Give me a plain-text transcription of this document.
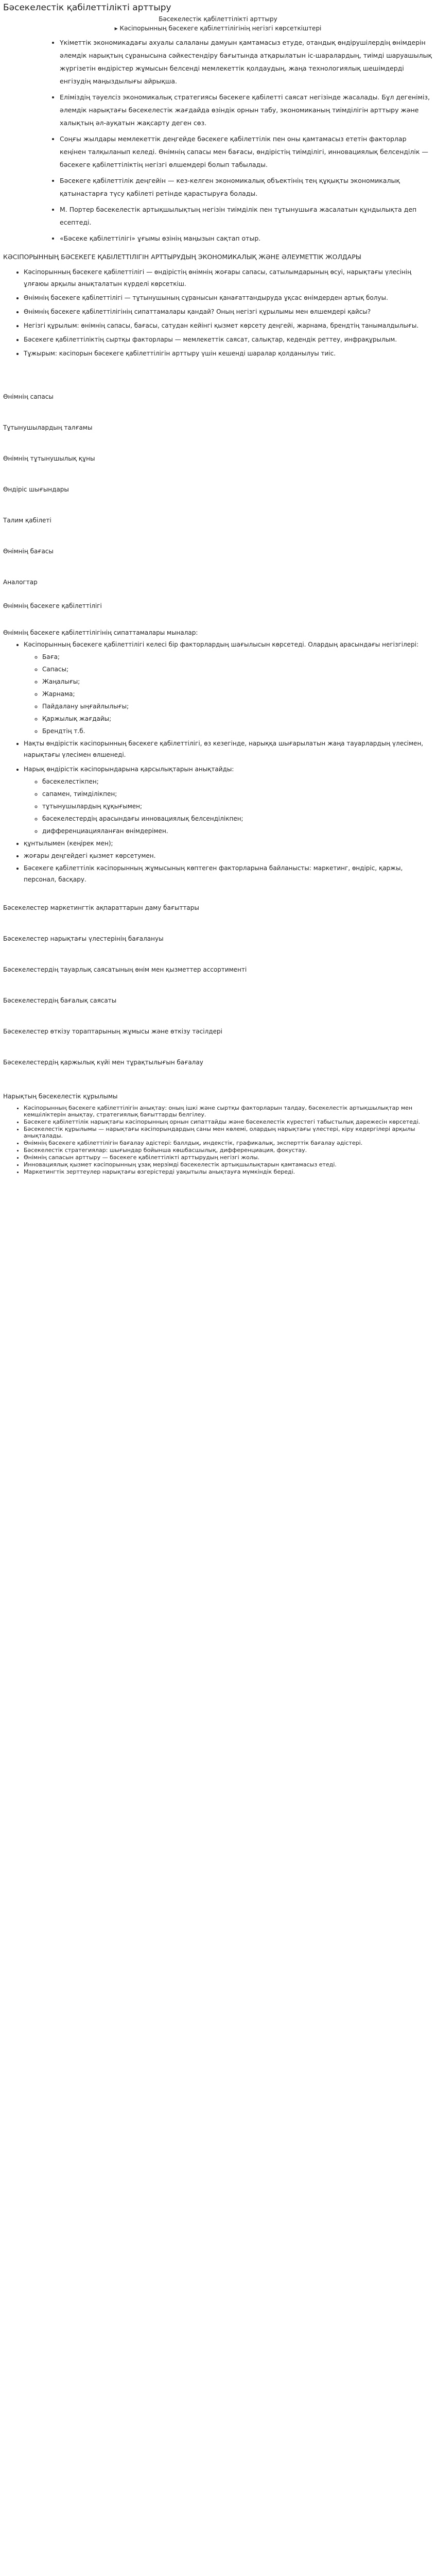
Бәсекелестік қабілеттілікті арттыру
Бәсекелестік қабілеттілікті арттыру
▸ Кәсіпорынның бәсекеге қабілеттілігінің негізгі көрсеткіштері
• Үкіметтік экономикадағы ахуалы салаланы дамуын қамтамасыз етуде, отандық өндірушілердің өнімдерін әлемдік нарықтың сұранысына сәйкестендіру бағытында атқарылатын іс-шаралардың, тиімді шаруашылық жүргізетін өндірістер жұмысын белсенді мемлекеттік қолдаудың, жаңа технологиялық шешімдерді енгізудің маңыздылығы айрықша.
• Еліміздің тәуелсіз экономикалық стратегиясы бәсекеге қабілетті саясат негізінде жасалады. Бұл дегеніміз, әлемдік нарықтағы бәсекелестік жағдайда өзіндік орнын табу, экономиканың тиімділігін арттыру және халықтың әл-ауқатын жақсарту деген сөз.
• Соңғы жылдары мемлекеттік деңгейде бәсекеге қабілеттілік пен оны қамтамасыз ететін факторлар кеңінен талқыланып келеді. Өнімнің сапасы мен бағасы, өндірістің тиімділігі, инновациялық белсенділік — бәсекеге қабілеттіліктің негізгі өлшемдері болып табылады.
• Бәсекеге қабілеттілік деңгейін — кез-келген экономикалық объектінің тең құқықты экономикалық қатынастарға түсу қабілеті ретінде қарастыруға болады.
• М. Портер бәсекелестік артықшылықтың негізін тиімділік пен тұтынушыға жасалатын құндылықта деп есептеді.
• «Бәсеке қабілеттілігі» ұғымы өзінің маңызын сақтап отыр.

КӘСІПОРЫННЫҢ БӘСЕКЕГЕ ҚАБІЛЕТТІЛІГІН АРТТЫРУДЫҢ ЭКОНОМИКАЛЫҚ ЖӘНЕ ӘЛЕУМЕТТІК ЖОЛДАРЫ

• Кәсіпорынның бәсекеге қабілеттілігі — өндірістің өнімнің жоғары сапасы, сатылымдарының өсуі, нарықтағы үлесінің ұлғаюы арқылы анықталатын күрделі көрсеткіш.
• Өнімнің бәсекеге қабілеттілігі — тұтынушының сұранысын қанағаттандыруда ұқсас өнімдерден артық болуы.
• Өнімнің бәсекеге қабілеттілігінің сипаттамалары қандай? Оның негізгі құрылымы мен өлшемдері қайсы?
• Негізгі құрылым: өнімнің сапасы, бағасы, сатудан кейінгі қызмет көрсету деңгейі, жарнама, брендтің танымалдылығы.
• Бәсекеге қабілеттіліктің сыртқы факторлары — мемлекеттік саясат, салықтар, кедендік реттеу, инфрақұрылым.
• Тұжырым: кәсіпорын бәсекеге қабілеттілігін арттыру үшін кешенді шаралар қолданылуы тиіс.
Өнімнің сапасы
Тұтынушылардың талғамы
Өнімнің тұтынушылық құны
Өндіріс шығындары
Талим қабілеті
Өнімнің бағасы
Аналогтар
Өнімнің бәсекеге қабілеттілігі

Өнімнің бәсекеге қабілеттілігінің сипаттамалары мыналар:

• Кәсіпорынның бәсекеге қабілеттілігі келесі бір факторлардың шағылысын көрсетеді. Олардың арасындағы негізгілері:
◦ Баға;
◦ Сапасы;
◦ Жаңалығы;
◦ Жарнама;
◦ Пайдалану ыңғайлылығы;
◦ Қаржылық жағдайы;
◦ Брендтің т.б.
• Нақты өндірістік кәсіпорынның бәсекеге қабілеттілігі, өз кезегінде, нарыққа шығарылатын жаңа тауарлардың үлесімен, нарықтағы үлесімен өлшенеді.
• Нарық өндірістік кәсіпорындарына қарсылықтарын анықтайды:
◦ бәсекелестікпен;
◦ сапамен, тиімділікпен;
◦ тұтынушылардың құқығымен;
◦ бәсекелестердің арасындағы инновациялық белсенділікпен;
◦ дифференциацияланған өнімдерімен.
• құнтылымен (кеңірек мен);
• жоғары деңгейдегі қызмет көрсетумен.
• Бәсекеге қабілеттілік кәсіпорынның жұмысының көптеген факторларына байланысты: маркетинг, өндіріс, қаржы, персонал, басқару.
Бәсекелестер маркетингтік ақпараттарын даму бағыттары
Бәсекелестер нарықтағы үлестерінің бағалануы
Бәсекелестердің тауарлық саясатының өнім мен қызметтер ассортименті
Бәсекелестердің бағалық саясаты
Бәсекелестер өткізу тораптарының жұмысы және өткізу тәсілдері
Бәсекелестердің қаржылық күйі мен тұрақтылығын бағалау

Нарықтың бәсекелестік құрылымы

• Кәсіпорынның бәсекеге қабілеттілігін анықтау: оның ішкі және сыртқы факторларын талдау, бәсекелестік артықшылықтар мен кемшіліктерін анықтау, стратегиялық бағыттарды белгілеу.
• Бәсекеге қабілеттілік нарықтағы кәсіпорынның орнын сипаттайды және бәсекелестік күрестегі табыстылық дәрежесін көрсетеді.
• Бәсекелестік құрылымы — нарықтағы кәсіпорындардың саны мен көлемі, олардың нарықтағы үлестері, кіру кедергілері арқылы анықталады.
• Өнімнің бәсекеге қабілеттілігін бағалау әдістері: баллдық, индекстік, графикалық, эксперттік бағалау әдістері.
• Бәсекелестік стратегиялар: шығындар бойынша көшбасшылық, дифференциация, фокустау.
• Өнімнің сапасын арттыру — бәсекеге қабілеттілікті арттырудың негізгі жолы.
• Инновациялық қызмет кәсіпорынның ұзақ мерзімді бәсекелестік артықшылықтарын қамтамасыз етеді.
• Маркетингтік зерттеулер нарықтағы өзгерістерді уақытылы анықтауға мүмкіндік береді.
